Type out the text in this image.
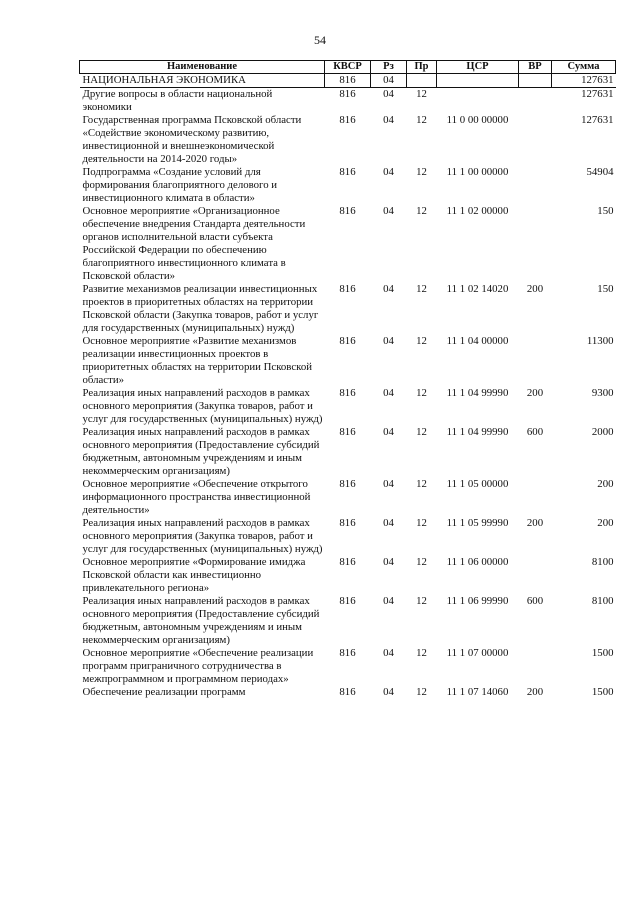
54
Наименование	КВСР	Рз	Пр	ЦСР	ВР	Сумма
НАЦИОНАЛЬНАЯ ЭКОНОМИКА	816	04				127631
Другие вопросы в области национальной экономики	816	04	12			127631
Государственная программа Псковской области «Содействие экономическому развитию, инвестиционной и внешнеэкономической деятельности на 2014-2020 годы»	816	04	12	11 0 00 00000		127631
Подпрограмма «Создание условий для формирования благоприятного делового и инвестиционного климата в области»	816	04	12	11 1 00 00000		54904
Основное мероприятие «Организационное обеспечение внедрения Стандарта деятельности органов исполнительной власти субъекта Российской Федерации по обеспечению благоприятного инвестиционного климата в Псковской области»	816	04	12	11 1 02 00000		150
Развитие механизмов реализации инвестиционных проектов в приоритетных областях на территории Псковской области (Закупка товаров, работ и услуг для государственных (муниципальных) нужд)	816	04	12	11 1 02 14020	200	150
Основное мероприятие «Развитие механизмов реализации инвестиционных проектов в приоритетных областях на территории Псковской области»	816	04	12	11 1 04 00000		11300
Реализация иных направлений расходов в рамках основного мероприятия (Закупка товаров, работ и услуг для государственных (муниципальных) нужд)	816	04	12	11 1 04 99990	200	9300
Реализация иных направлений расходов в рамках основного мероприятия (Предоставление субсидий бюджетным, автономным учреждениям и иным некоммерческим организациям)	816	04	12	11 1 04 99990	600	2000
Основное мероприятие «Обеспечение открытого информационного пространства инвестиционной деятельности»	816	04	12	11 1 05 00000		200
Реализация иных направлений расходов в рамках основного мероприятия (Закупка товаров, работ и услуг для государственных (муниципальных) нужд)	816	04	12	11 1 05 99990	200	200
Основное мероприятие «Формирование имиджа Псковской области как инвестиционно привлекательного региона»	816	04	12	11 1 06 00000		8100
Реализация иных направлений расходов в рамках основного мероприятия (Предоставление субсидий бюджетным, автономным учреждениям и иным некоммерческим организациям)	816	04	12	11 1 06 99990	600	8100
Основное мероприятие «Обеспечение реализации программ приграничного сотрудничества в межпрограммном и программном периодах»	816	04	12	11 1 07 00000		1500
Обеспечение реализации программ	816	04	12	11 1 07 14060	200	1500
